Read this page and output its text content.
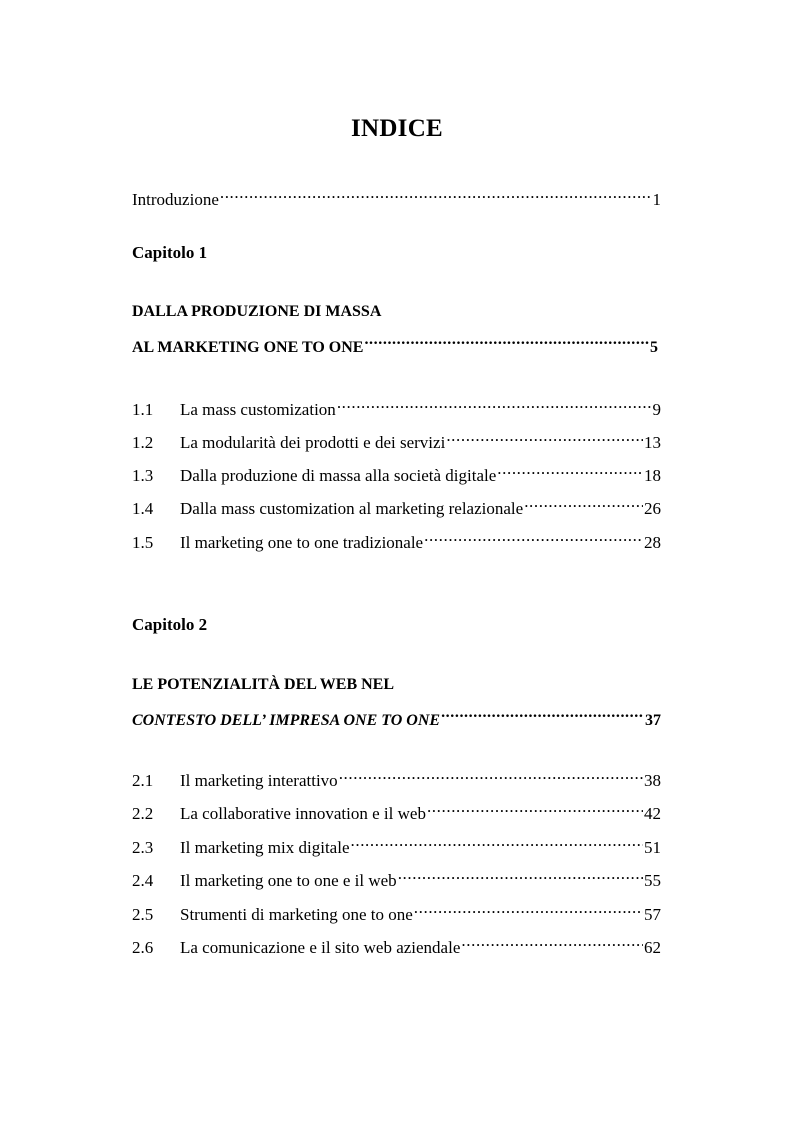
INDICE
Introduzione .....	1
Capitolo 1
DALLA PRODUZIONE DI MASSA
AL MARKETING ONE TO ONE .....	5
1.1	La mass customization .....	9
1.2	La modularità dei prodotti e dei servizi .....	13
1.3	Dalla produzione di massa alla società digitale .....	18
1.4	Dalla mass customization al marketing relazionale .....	26
1.5	Il marketing one to one tradizionale .....	28
Capitolo 2
LE POTENZIALITÀ DEL WEB NEL
CONTESTO DELL’ IMPRESA ONE TO ONE .....	37
2.1	Il marketing interattivo .....	38
2.2	La collaborative innovation e il web .....	42
2.3	Il marketing mix digitale .....	51
2.4	Il marketing one to one e il web .....	55
2.5	Strumenti di marketing one to one .....	57
2.6	La comunicazione e il sito web aziendale .....	62
